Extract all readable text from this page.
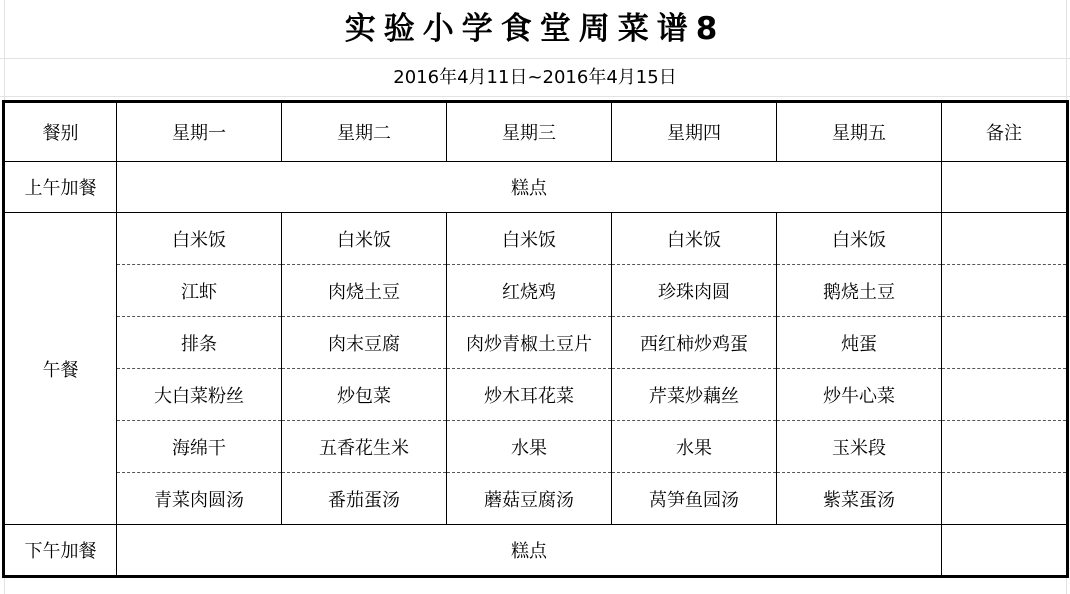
实验小学食堂周菜谱8
2016年4月11日~2016年4月15日
餐别	星期一	星期二	星期三	星期四	星期五	备注
上午加餐	糕点					
午餐	白米饭	白米饭	白米饭	白米饭	白米饭	
	江虾	肉烧土豆	红烧鸡	珍珠肉圆	鹅烧土豆	
	排条	肉末豆腐	肉炒青椒土豆片	西红柿炒鸡蛋	炖蛋	
	大白菜粉丝	炒包菜	炒木耳花菜	芹菜炒藕丝	炒牛心菜	
	海绵干	五香花生米	水果	水果	玉米段	
	青菜肉圆汤	番茄蛋汤	蘑菇豆腐汤	莴笋鱼园汤	紫菜蛋汤	
下午加餐	糕点					
